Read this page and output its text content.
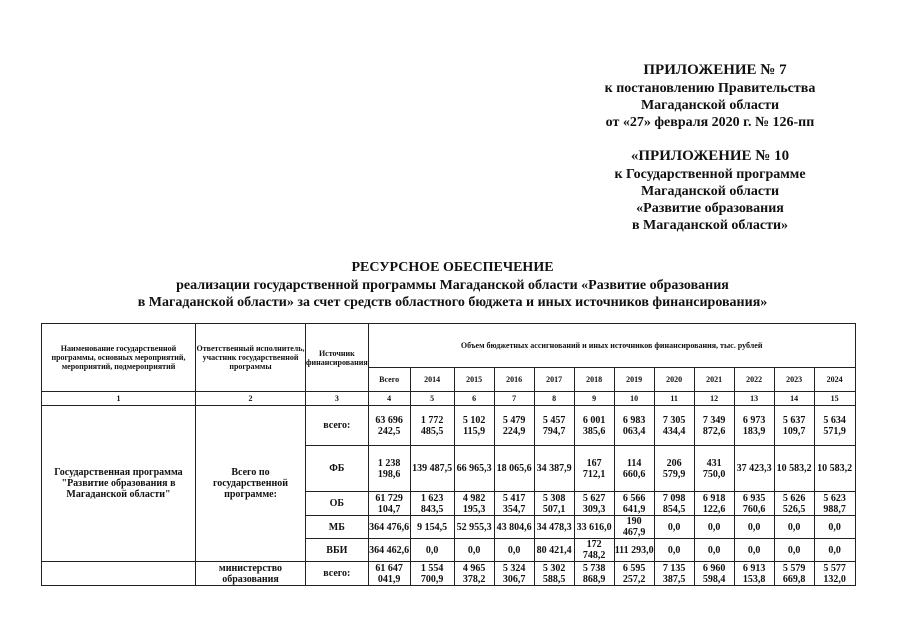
ПРИЛОЖЕНИЕ № 7
к постановлению Правительства
Магаданской области
от «27» февраля 2020 г. № 126-пп
«ПРИЛОЖЕНИЕ № 10
к Государственной программе
Магаданской области
«Развитие образования
в Магаданской области»
РЕСУРСНОЕ ОБЕСПЕЧЕНИЕ
реализации государственной программы Магаданской области «Развитие образования
в Магаданской области» за счет средств областного бюджета и иных источников финансирования»
Наименование государственной программы, основных мероприятий, мероприятий, подмероприятий	Ответственный исполнитель, участник государственной программы	Источник финансирования	Объем бюджетных ассигнований и иных источников финансирования, тыс. рублей											
			Всего	2014	2015	2016	2017	2018	2019	2020	2021	2022	2023	2024
1	2	3	4	5	6	7	8	9	10	11	12	13	14	15
Государственная программа "Развитие образования в Магаданской области"	Всего по государственной программе:	всего:	63 696 242,5	1 772 485,5	5 102 115,9	5 479 224,9	5 457 794,7	6 001 385,6	6 983 063,4	7 305 434,4	7 349 872,6	6 973 183,9	5 637 109,7	5 634 571,9
		ФБ	1 238 198,6	139 487,5	66 965,3	18 065,6	34 387,9	167 712,1	114 660,6	206 579,9	431 750,0	37 423,3	10 583,2	10 583,2
		ОБ	61 729 104,7	1 623 843,5	4 982 195,3	5 417 354,7	5 308 507,1	5 627 309,3	6 566 641,9	7 098 854,5	6 918 122,6	6 935 760,6	5 626 526,5	5 623 988,7
		МБ	364 476,6	9 154,5	52 955,3	43 804,6	34 478,3	33 616,0	190 467,9	0,0	0,0	0,0	0,0	0,0
		ВБИ	364 462,6	0,0	0,0	0,0	80 421,4	172 748,2	111 293,0	0,0	0,0	0,0	0,0	0,0
	министерство образования	всего:	61 647 041,9	1 554 700,9	4 965 378,2	5 324 306,7	5 302 588,5	5 738 868,9	6 595 257,2	7 135 387,5	6 960 598,4	6 913 153,8	5 579 669,8	5 577 132,0
